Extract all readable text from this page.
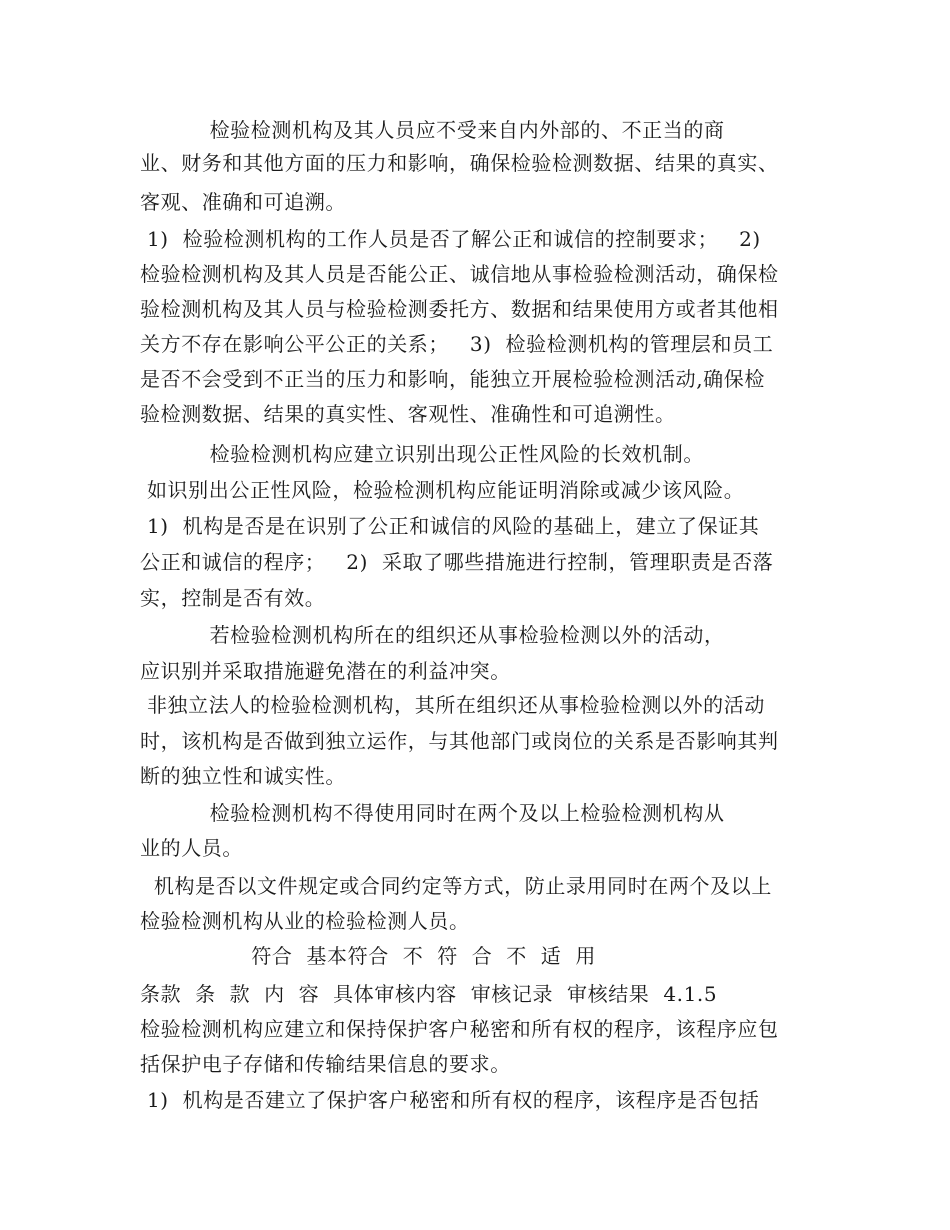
检验检测机构及其人员应不受来自内外部的、不正当的商
业、财务和其他方面的压力和影响，确保检验检测数据、结果的真实、
客观、准确和可追溯。
1)  检验检测机构的工作人员是否了解公正和诚信的控制要求；   2)
检验检测机构及其人员是否能公正、诚信地从事检验检测活动，确保检
验检测机构及其人员与检验检测委托方、数据和结果使用方或者其他相
关方不存在影响公平公正的关系；   3)  检验检测机构的管理层和员工
是否不会受到不正当的压力和影响，能独立开展检验检测活动,确保检
验检测数据、结果的真实性、客观性、准确性和可追溯性。
检验检测机构应建立识别出现公正性风险的长效机制。
如识别出公正性风险，检验检测机构应能证明消除或减少该风险。
1)  机构是否是在识别了公正和诚信的风险的基础上，建立了保证其
公正和诚信的程序；   2)  采取了哪些措施进行控制，管理职责是否落
实，控制是否有效。
若检验检测机构所在的组织还从事检验检测以外的活动，
应识别并采取措施避免潜在的利益冲突。
非独立法人的检验检测机构，其所在组织还从事检验检测以外的活动
时，该机构是否做到独立运作，与其他部门或岗位的关系是否影响其判
断的独立性和诚实性。
检验检测机构不得使用同时在两个及以上检验检测机构从
业的人员。
机构是否以文件规定或合同约定等方式，防止录用同时在两个及以上
检验检测机构从业的检验检测人员。
符合  基本符合  不  符  合  不  适  用
条款  条  款  内  容  具体审核内容  审核记录  审核结果  4.1.5
检验检测机构应建立和保持保护客户秘密和所有权的程序，该程序应包
括保护电子存储和传输结果信息的要求。
1)  机构是否建立了保护客户秘密和所有权的程序，该程序是否包括
